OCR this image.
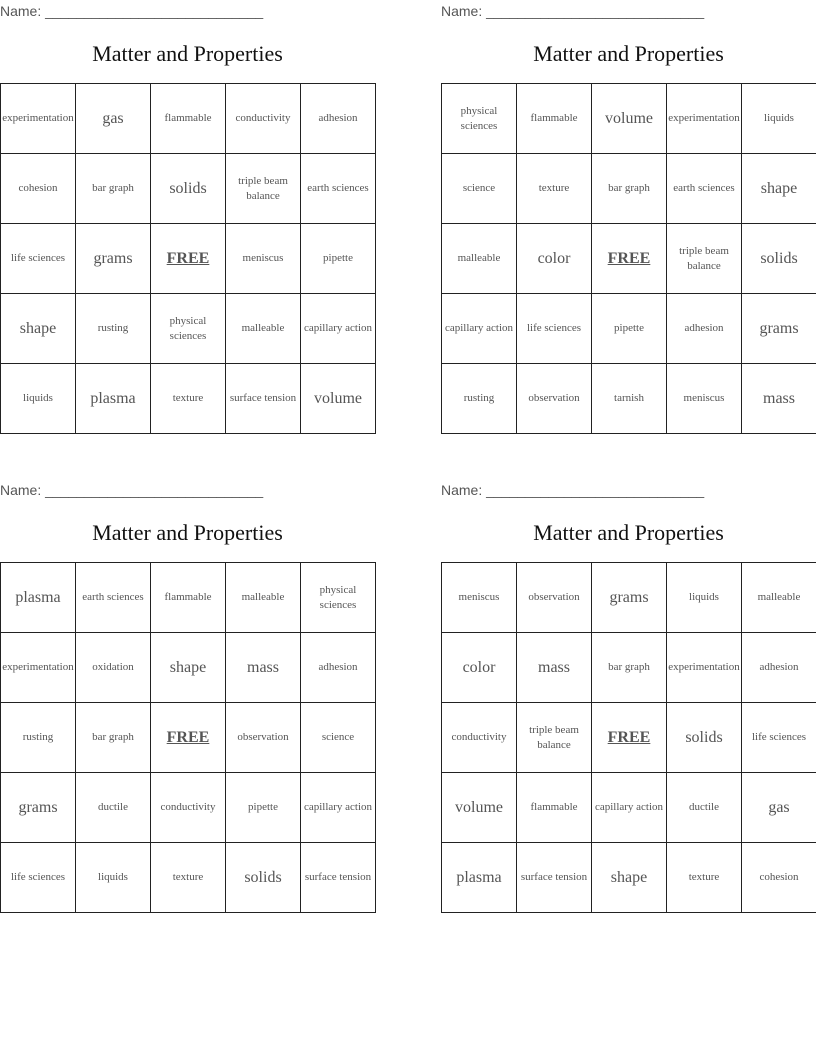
Name: ____________________________
Matter and Properties
experimentation	gas	flammable	conductivity	adhesion
cohesion	bar graph	solids	triple beam balance	earth sciences
life sciences	grams	FREE	meniscus	pipette
shape	rusting	physical sciences	malleable	capillary action
liquids	plasma	texture	surface tension	volume
Name: ____________________________
Matter and Properties
physical sciences	flammable	volume	experimentation	liquids
science	texture	bar graph	earth sciences	shape
malleable	color	FREE	triple beam balance	solids
capillary action	life sciences	pipette	adhesion	grams
rusting	observation	tarnish	meniscus	mass
Name: ____________________________
Matter and Properties
plasma	earth sciences	flammable	malleable	physical sciences
experimentation	oxidation	shape	mass	adhesion
rusting	bar graph	FREE	observation	science
grams	ductile	conductivity	pipette	capillary action
life sciences	liquids	texture	solids	surface tension
Name: ____________________________
Matter and Properties
meniscus	observation	grams	liquids	malleable
color	mass	bar graph	experimentation	adhesion
conductivity	triple beam balance	FREE	solids	life sciences
volume	flammable	capillary action	ductile	gas
plasma	surface tension	shape	texture	cohesion
